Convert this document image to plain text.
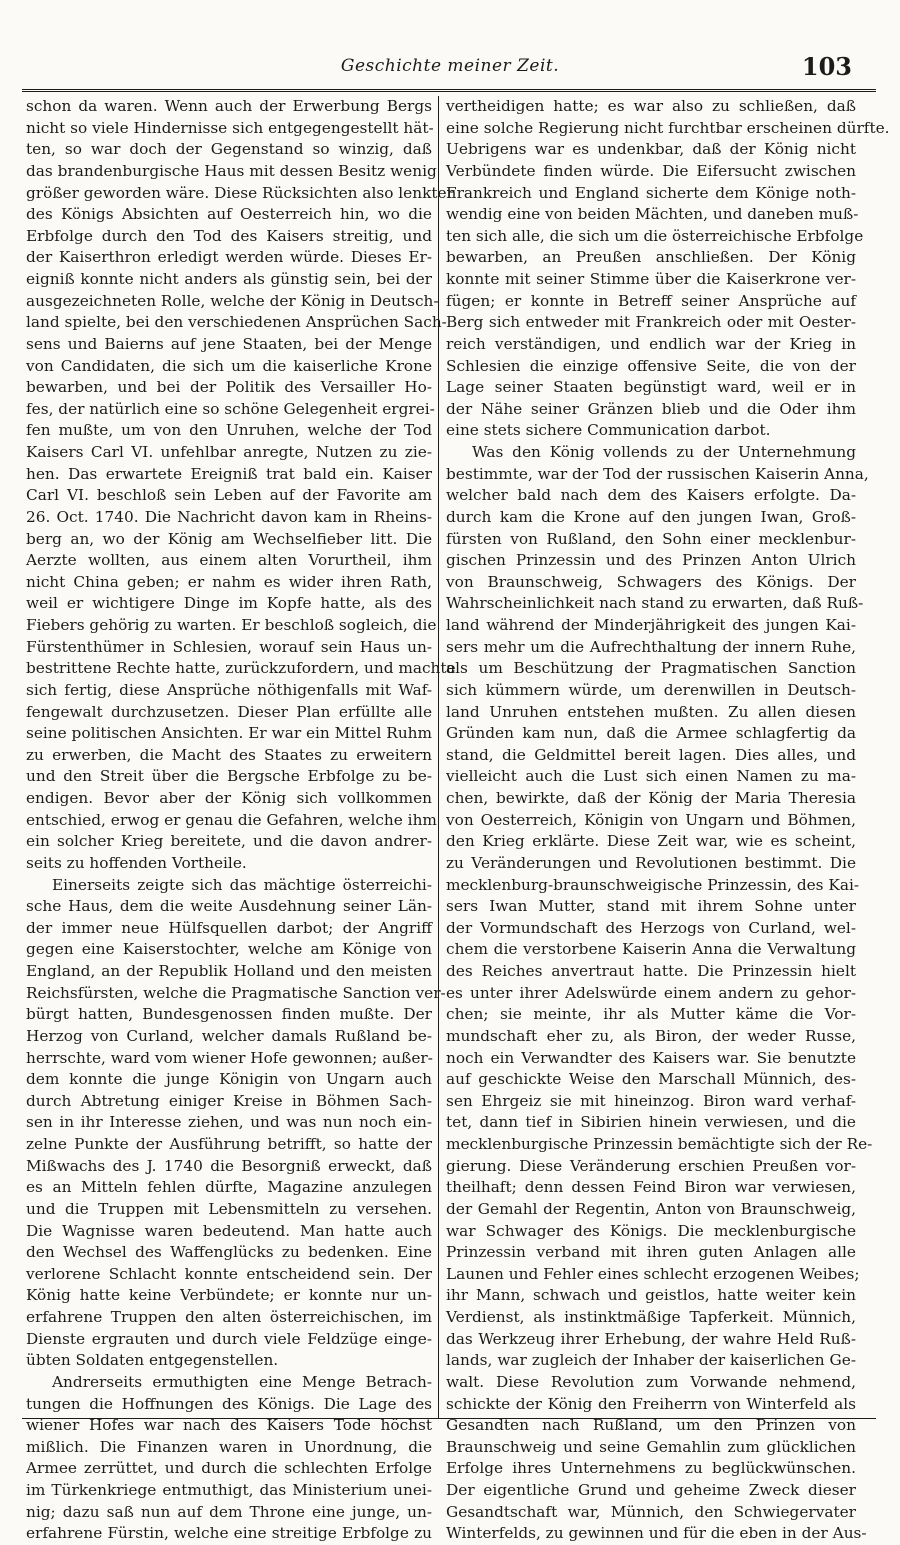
Geschichte meiner Zeit.	103
schon da waren. Wenn auch der Erwerbung Bergs
nicht so viele Hindernisse sich entgegengestellt hät-
ten, so war doch der Gegenstand so winzig, daß
das brandenburgische Haus mit dessen Besitz wenig
größer geworden wäre. Diese Rücksichten also lenkten
des Königs Absichten auf Oesterreich hin, wo die
Erbfolge durch den Tod des Kaisers streitig, und
der Kaiserthron erledigt werden würde. Dieses Er-
eigniß konnte nicht anders als günstig sein, bei der
ausgezeichneten Rolle, welche der König in Deutsch-
land spielte, bei den verschiedenen Ansprüchen Sach-
sens und Baierns auf jene Staaten, bei der Menge
von Candidaten, die sich um die kaiserliche Krone
bewarben, und bei der Politik des Versailler Ho-
fes, der natürlich eine so schöne Gelegenheit ergrei-
fen mußte, um von den Unruhen, welche der Tod
Kaisers Carl VI. unfehlbar anregte, Nutzen zu zie-
hen. Das erwartete Ereigniß trat bald ein. Kaiser
Carl VI. beschloß sein Leben auf der Favorite am
26. Oct. 1740. Die Nachricht davon kam in Rheins-
berg an, wo der König am Wechselfieber litt. Die
Aerzte wollten, aus einem alten Vorurtheil, ihm
nicht China geben; er nahm es wider ihren Rath,
weil er wichtigere Dinge im Kopfe hatte, als des
Fiebers gehörig zu warten. Er beschloß sogleich, die
Fürstenthümer in Schlesien, worauf sein Haus un-
bestrittene Rechte hatte, zurückzufordern, und machte
sich fertig, diese Ansprüche nöthigenfalls mit Waf-
fengewalt durchzusetzen. Dieser Plan erfüllte alle
seine politischen Ansichten. Er war ein Mittel Ruhm
zu erwerben, die Macht des Staates zu erweitern
und den Streit über die Bergsche Erbfolge zu be-
endigen. Bevor aber der König sich vollkommen
entschied, erwog er genau die Gefahren, welche ihm
ein solcher Krieg bereitete, und die davon andrer-
seits zu hoffenden Vortheile.
Einerseits zeigte sich das mächtige österreichi-
sche Haus, dem die weite Ausdehnung seiner Län-
der immer neue Hülfsquellen darbot; der Angriff
gegen eine Kaiserstochter, welche am Könige von
England, an der Republik Holland und den meisten
Reichsfürsten, welche die Pragmatische Sanction ver-
bürgt hatten, Bundesgenossen finden mußte. Der
Herzog von Curland, welcher damals Rußland be-
herrschte, ward vom wiener Hofe gewonnen; außer-
dem konnte die junge Königin von Ungarn auch
durch Abtretung einiger Kreise in Böhmen Sach-
sen in ihr Interesse ziehen, und was nun noch ein-
zelne Punkte der Ausführung betrifft, so hatte der
Mißwachs des J. 1740 die Besorgniß erweckt, daß
es an Mitteln fehlen dürfte, Magazine anzulegen
und die Truppen mit Lebensmitteln zu versehen.
Die Wagnisse waren bedeutend. Man hatte auch
den Wechsel des Waffenglücks zu bedenken. Eine
verlorene Schlacht konnte entscheidend sein. Der
König hatte keine Verbündete; er konnte nur un-
erfahrene Truppen den alten österreichischen, im
Dienste ergrauten und durch viele Feldzüge einge-
übten Soldaten entgegenstellen.
Andrerseits ermuthigten eine Menge Betrach-
tungen die Hoffnungen des Königs. Die Lage des
wiener Hofes war nach des Kaisers Tode höchst
mißlich. Die Finanzen waren in Unordnung, die
Armee zerrüttet, und durch die schlechten Erfolge
im Türkenkriege entmuthigt, das Ministerium unei-
nig; dazu saß nun auf dem Throne eine junge, un-
erfahrene Fürstin, welche eine streitige Erbfolge zu
vertheidigen hatte; es war also zu schließen, daß
eine solche Regierung nicht furchtbar erscheinen dürfte.
Uebrigens war es undenkbar, daß der König nicht
Verbündete finden würde. Die Eifersucht zwischen
Frankreich und England sicherte dem Könige noth-
wendig eine von beiden Mächten, und daneben muß-
ten sich alle, die sich um die österreichische Erbfolge
bewarben, an Preußen anschließen. Der König
konnte mit seiner Stimme über die Kaiserkrone ver-
fügen; er konnte in Betreff seiner Ansprüche auf
Berg sich entweder mit Frankreich oder mit Oester-
reich verständigen, und endlich war der Krieg in
Schlesien die einzige offensive Seite, die von der
Lage seiner Staaten begünstigt ward, weil er in
der Nähe seiner Gränzen blieb und die Oder ihm
eine stets sichere Communication darbot.
Was den König vollends zu der Unternehmung
bestimmte, war der Tod der russischen Kaiserin Anna,
welcher bald nach dem des Kaisers erfolgte. Da-
durch kam die Krone auf den jungen Iwan, Groß-
fürsten von Rußland, den Sohn einer mecklenbur-
gischen Prinzessin und des Prinzen Anton Ulrich
von Braunschweig, Schwagers des Königs. Der
Wahrscheinlichkeit nach stand zu erwarten, daß Ruß-
land während der Minderjährigkeit des jungen Kai-
sers mehr um die Aufrechthaltung der innern Ruhe,
als um Beschützung der Pragmatischen Sanction
sich kümmern würde, um derenwillen in Deutsch-
land Unruhen entstehen mußten. Zu allen diesen
Gründen kam nun, daß die Armee schlagfertig da
stand, die Geldmittel bereit lagen. Dies alles, und
vielleicht auch die Lust sich einen Namen zu ma-
chen, bewirkte, daß der König der Maria Theresia
von Oesterreich, Königin von Ungarn und Böhmen,
den Krieg erklärte. Diese Zeit war, wie es scheint,
zu Veränderungen und Revolutionen bestimmt. Die
mecklenburg-braunschweigische Prinzessin, des Kai-
sers Iwan Mutter, stand mit ihrem Sohne unter
der Vormundschaft des Herzogs von Curland, wel-
chem die verstorbene Kaiserin Anna die Verwaltung
des Reiches anvertraut hatte. Die Prinzessin hielt
es unter ihrer Adelswürde einem andern zu gehor-
chen; sie meinte, ihr als Mutter käme die Vor-
mundschaft eher zu, als Biron, der weder Russe,
noch ein Verwandter des Kaisers war. Sie benutzte
auf geschickte Weise den Marschall Münnich, des-
sen Ehrgeiz sie mit hineinzog. Biron ward verhaf-
tet, dann tief in Sibirien hinein verwiesen, und die
mecklenburgische Prinzessin bemächtigte sich der Re-
gierung. Diese Veränderung erschien Preußen vor-
theilhaft; denn dessen Feind Biron war verwiesen,
der Gemahl der Regentin, Anton von Braunschweig,
war Schwager des Königs. Die mecklenburgische
Prinzessin verband mit ihren guten Anlagen alle
Launen und Fehler eines schlecht erzogenen Weibes;
ihr Mann, schwach und geistlos, hatte weiter kein
Verdienst, als instinktmäßige Tapferkeit. Münnich,
das Werkzeug ihrer Erhebung, der wahre Held Ruß-
lands, war zugleich der Inhaber der kaiserlichen Ge-
walt. Diese Revolution zum Vorwande nehmend,
schickte der König den Freiherrn von Winterfeld als
Gesandten nach Rußland, um den Prinzen von
Braunschweig und seine Gemahlin zum glücklichen
Erfolge ihres Unternehmens zu beglückwünschen.
Der eigentliche Grund und geheime Zweck dieser
Gesandtschaft war, Münnich, den Schwiegervater
Winterfelds, zu gewinnen und für die eben in der Aus-
